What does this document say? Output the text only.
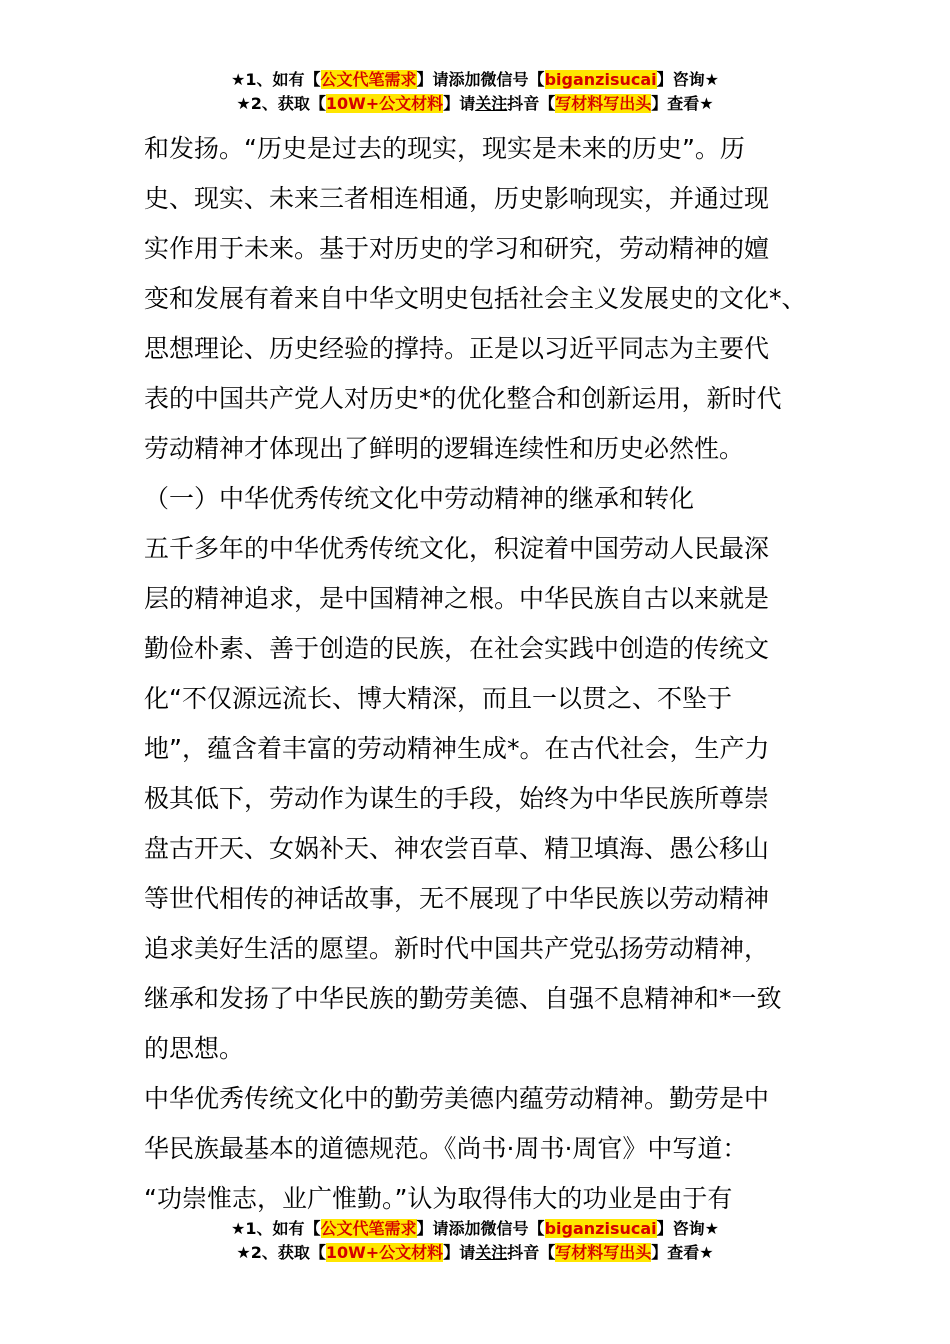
★1、如有【公文代笔需求】请添加微信号【biganzisucai】咨询★
★2、获取【10W+公文材料】请关注抖音【写材料写出头】查看★

和发扬。“历史是过去的现实，现实是未来的历史”。历

史、现实、未来三者相连相通，历史影响现实，并通过现

实作用于未来。基于对历史的学习和研究，劳动精神的嬗

变和发展有着来自中华文明史包括社会主义发展史的文化*、

思想理论、历史经验的撑持。正是以习近平同志为主要代

表的中国共产党人对历史*的优化整合和创新运用，新时代

劳动精神才体现出了鲜明的逻辑连续性和历史必然性。

（一）中华优秀传统文化中劳动精神的继承和转化

五千多年的中华优秀传统文化，积淀着中国劳动人民最深

层的精神追求，是中国精神之根。中华民族自古以来就是

勤俭朴素、善于创造的民族，在社会实践中创造的传统文

化“不仅源远流长、博大精深，而且一以贯之、不坠于

地”，蕴含着丰富的劳动精神生成*。在古代社会，生产力

极其低下，劳动作为谋生的手段，始终为中华民族所尊崇

盘古开天、女娲补天、神农尝百草、精卫填海、愚公移山

等世代相传的神话故事，无不展现了中华民族以劳动精神

追求美好生活的愿望。新时代中国共产党弘扬劳动精神，

继承和发扬了中华民族的勤劳美德、自强不息精神和*一致

的思想。

中华优秀传统文化中的勤劳美德内蕴劳动精神。勤劳是中

华民族最基本的道德规范。《尚书·周书·周官》中写道：

“功崇惟志，业广惟勤。”认为取得伟大的功业是由于有

★1、如有【公文代笔需求】请添加微信号【biganzisucai】咨询★
★2、获取【10W+公文材料】请关注抖音【写材料写出头】查看★
